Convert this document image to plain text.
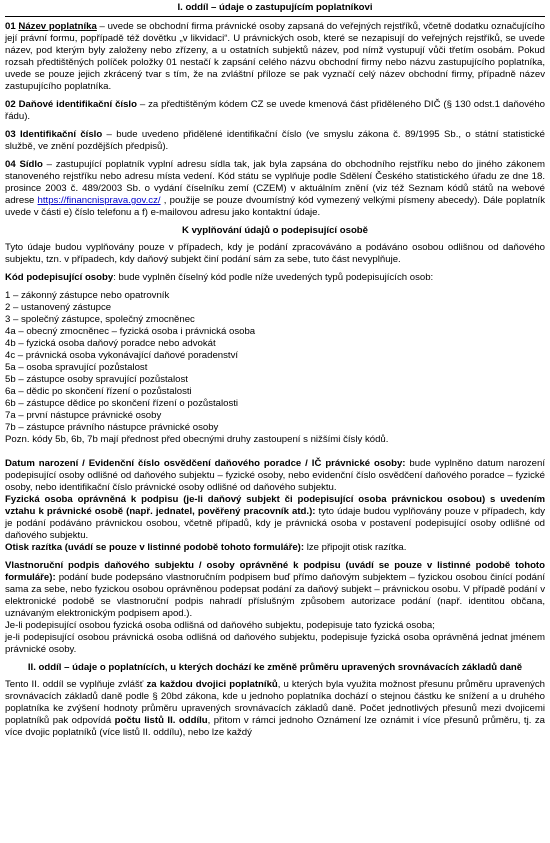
I. oddíl – údaje o zastupujícím poplatníkovi

01 Název poplatníka – uvede se obchodní firma právnické osoby zapsaná do veřejných rejstříků, včetně dodatku označujícího její právní formu, popřípadě též dovětku „v likvidaci“. U právnických osob, které se nezapisují do veřejných rejstříků, se uvede název, pod kterým byly založeny nebo zřízeny, a u ostatních subjektů název, pod nímž vystupují vůči třetím osobám. Pokud rozsah předtištěných políček položky 01 nestačí k zapsání celého názvu obchodní firmy nebo názvu zastupujícího poplatníka, uvede se pouze jejich zkrácený tvar s tím, že na zvláštní příloze se pak vyznačí celý název obchodní firmy, případně název zastupujícího poplatníka.

02 Daňové identifikační číslo – za předtištěným kódem CZ se uvede kmenová část přiděleného DIČ (§ 130 odst.1 daňového řádu).

03 Identifikační číslo – bude uvedeno přidělené identifikační číslo (ve smyslu zákona č. 89/1995 Sb., o státní statistické službě, ve znění pozdějších předpisů).

04 Sídlo – zastupující poplatník vyplní adresu sídla tak, jak byla zapsána do obchodního rejstříku nebo do jiného zákonem stanoveného rejstříku nebo adresu místa vedení. Kód státu se vyplňuje podle Sdělení Českého statistického úřadu ze dne 18. prosince 2003 č. 489/2003 Sb. o vydání číselníku zemí (CZEM) v aktuálním znění (viz též Seznam kódů států na webové adrese https://financnisprava.gov.cz/ , použije se pouze dvoumístný kód vymezený velkými písmeny abecedy). Dále poplatník uvede v části e) číslo telefonu a f) e-mailovou adresu jako kontaktní údaje.

K vyplňování údajů o podepisující osobě

Tyto údaje budou vyplňovány pouze v případech, kdy je podání zpracováváno a podáváno osobou odlišnou od daňového subjektu, tzn. v případech, kdy daňový subjekt činí podání sám za sebe, tuto část nevyplňuje.

Kód podepisující osoby: bude vyplněn číselný kód podle níže uvedených typů podepisujících osob:

1 – zákonný zástupce nebo opatrovník
2 – ustanovený zástupce
3 – společný zástupce, společný zmocněnec
4a – obecný zmocněnec – fyzická osoba i právnická osoba
4b – fyzická osoba daňový poradce nebo advokát
4c – právnická osoba vykonávající daňové poradenství
5a – osoba spravující pozůstalost
5b – zástupce osoby spravující pozůstalost
6a – dědic po skončení řízení o pozůstalosti
6b – zástupce dědice po skončení řízení o pozůstalosti
7a – první nástupce právnické osoby
7b – zástupce právního nástupce právnické osoby
Pozn. kódy 5b, 6b, 7b mají přednost před obecnými druhy zastoupení s nižšími čísly kódů.

Datum narození / Evidenční číslo osvědčení daňového poradce / IČ právnické osoby: bude vyplněno datum narození podepisující osoby odlišné od daňového subjektu – fyzické osoby, nebo evidenční číslo osvědčení daňového poradce – fyzické osoby, nebo identifikační číslo právnické osoby odlišné od daňového subjektu.

Fyzická osoba oprávněná k podpisu (je-li daňový subjekt či podepisující osoba právnickou osobou) s uvedením vztahu k právnické osobě (např. jednatel, pověřený pracovník atd.): tyto údaje budou vyplňovány pouze v případech, kdy je podání podáváno právnickou osobou, včetně případů, kdy je právnická osoba v postavení podepisující osoby odlišné od daňového subjektu.

Otisk razítka (uvádí se pouze v listinné podobě tohoto formuláře): lze připojit otisk razítka.

Vlastnoruční podpis daňového subjektu / osoby oprávněné k podpisu (uvádí se pouze v listinné podobě tohoto formuláře): podání bude podepsáno vlastnoručním podpisem buď přímo daňovým subjektem – fyzickou osobou činící podání sama za sebe, nebo fyzickou osobou oprávněnou podepsat podání za daňový subjekt – právnickou osobu. V případě podání v elektronické podobě se vlastnoruční podpis nahradí příslušným způsobem autorizace podání (např. identitou občana, uznávaným elektronickým podpisem apod.).

Je-li podepisující osobou fyzická osoba odlišná od daňového subjektu, podepisuje tato fyzická osoba;

je-li podepisující osobou právnická osoba odlišná od daňového subjektu, podepisuje fyzická osoba oprávněná jednat jménem právnické osoby.

II. oddíl – údaje o poplatnících, u kterých dochází ke změně průměru upravených srovnávacích základů daně

Tento II. oddíl se vyplňuje zvlášť za každou dvojici poplatníků, u kterých byla využita možnost přesunu průměru upravených srovnávacích základů daně podle § 20bd zákona, kde u jednoho poplatníka dochází o stejnou částku ke snížení a u druhého poplatníka ke zvýšení hodnoty průměru upravených srovnávacích základů daně. Počet jednotlivých přesunů mezi dvojicemi poplatníků pak odpovídá počtu listů II. oddílu, přitom v rámci jednoho Oznámení lze oznámit i více přesunů průměru, tj. za více dvojic poplatníků (více listů II. oddílu), nebo lze každý
